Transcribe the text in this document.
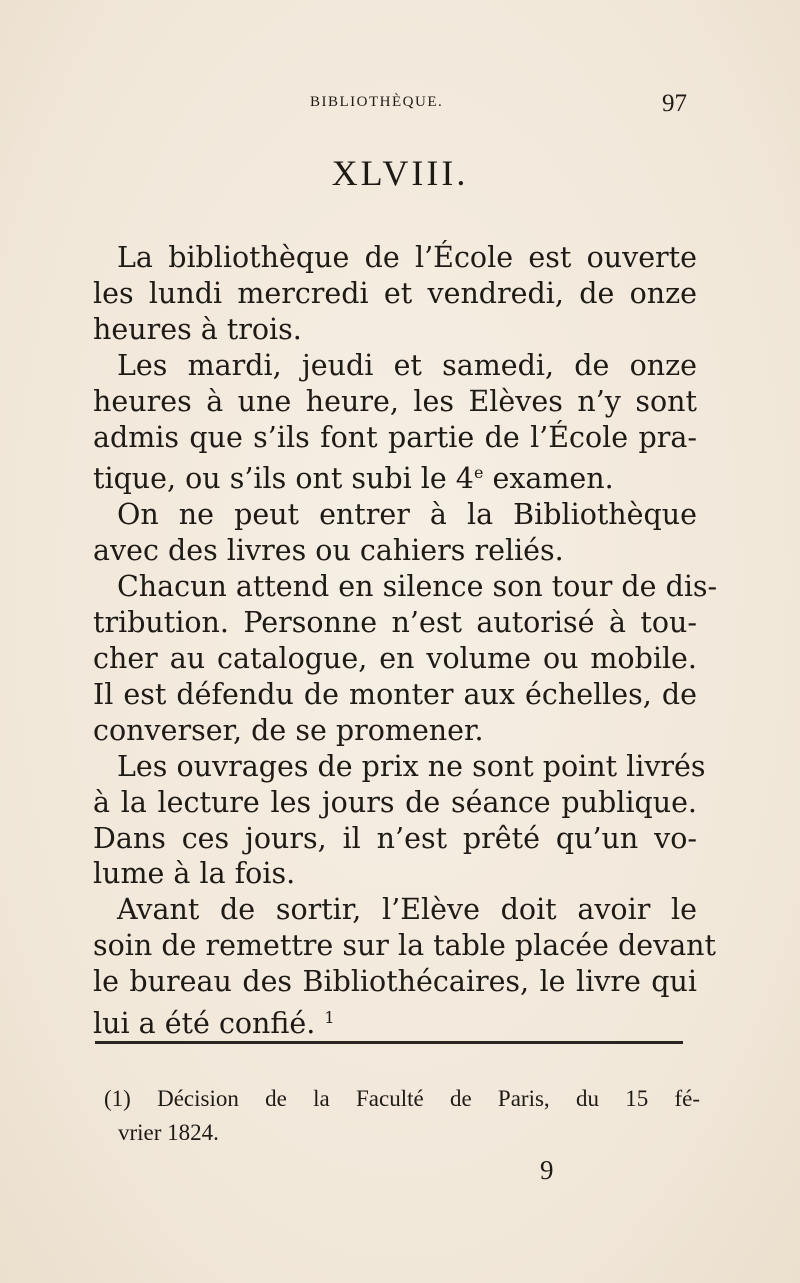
BIBLIOTHÈQUE.	97
XLVIII.
La bibliothèque de l’École est ouverte
les lundi mercredi et vendredi, de onze
heures à trois.
Les mardi, jeudi et samedi, de onze
heures à une heure, les Elèves n’y sont
admis que s’ils font partie de l’École pra-
tique, ou s’ils ont subi le 4e examen.
On ne peut entrer à la Bibliothèque
avec des livres ou cahiers reliés.
Chacun attend en silence son tour de dis-
tribution. Personne n’est autorisé à tou-
cher au catalogue, en volume ou mobile.
Il est défendu de monter aux échelles, de
converser, de se promener.
Les ouvrages de prix ne sont point livrés
à la lecture les jours de séance publique.
Dans ces jours, il n’est prêté qu’un vo-
lume à la fois.
Avant de sortir, l’Elève doit avoir le
soin de remettre sur la table placée devant
le bureau des Bibliothécaires, le livre qui
lui a été confié. $^1$
(1) Décision de la Faculté de Paris, du 15 fé-
vrier 1824.
9
